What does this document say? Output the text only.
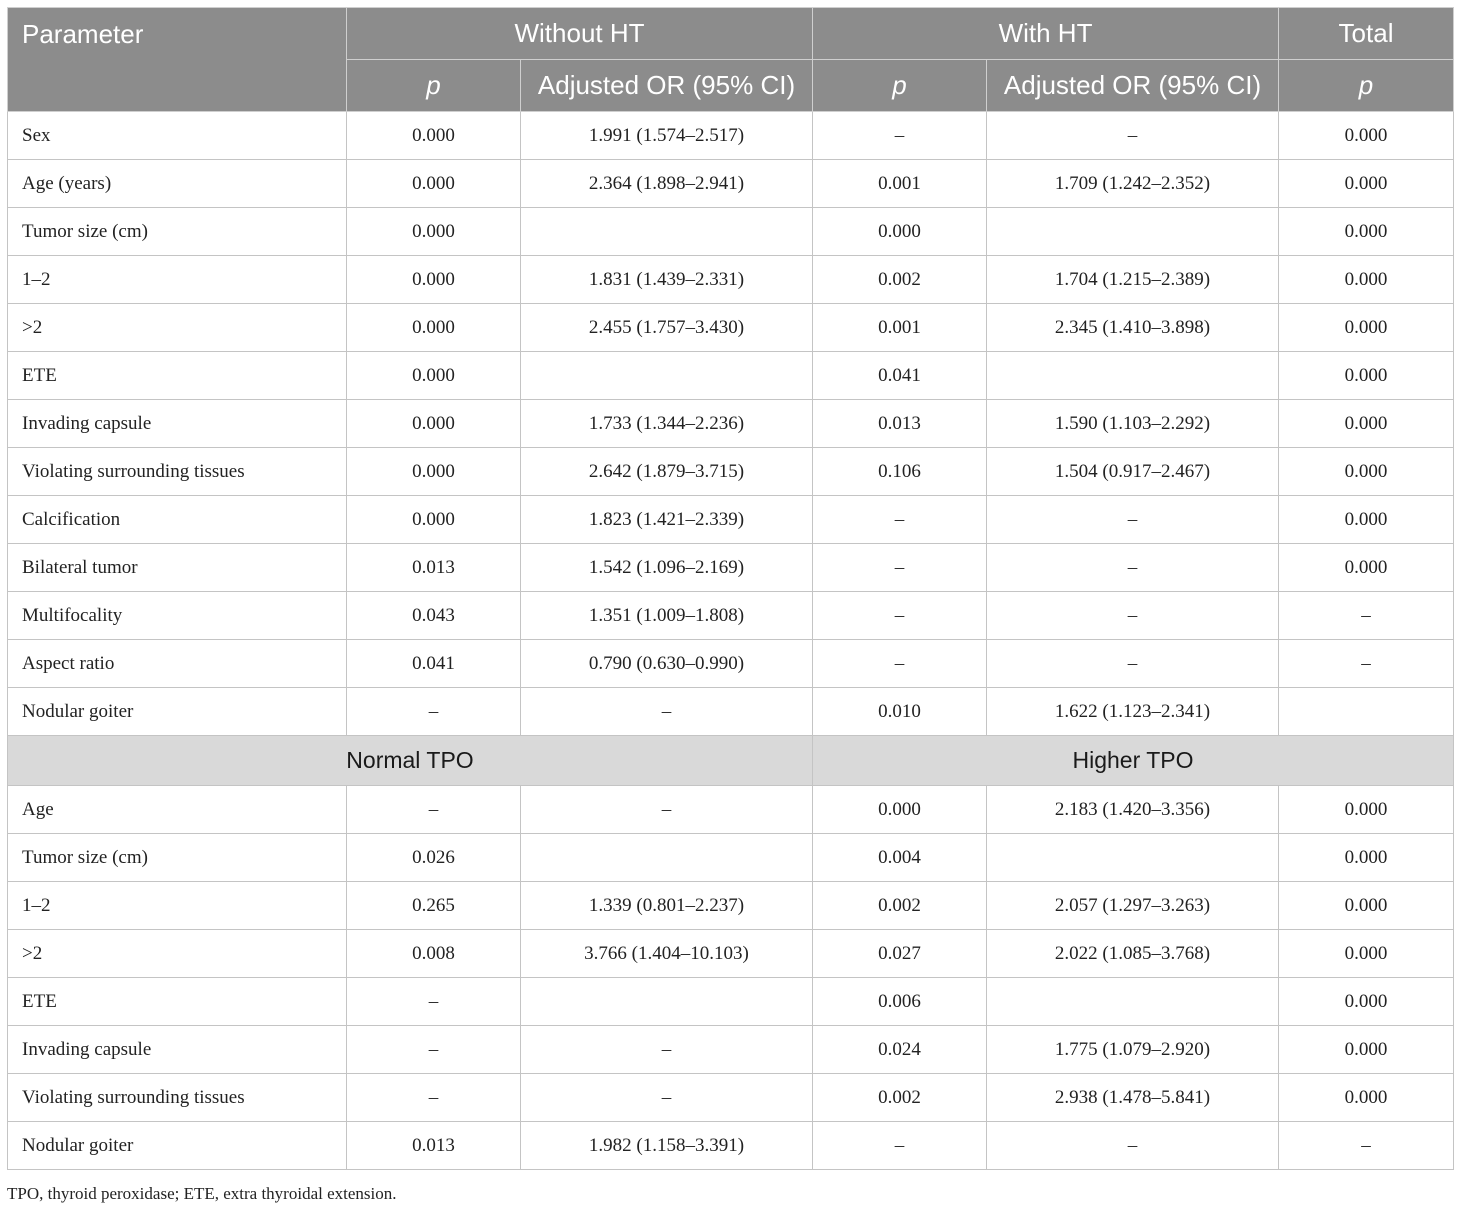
Parameter	Without HT		With HT		Total
	p	Adjusted OR (95% CI)	p	Adjusted OR (95% CI)	p
Sex	0.000	1.991 (1.574–2.517)	–	–	0.000
Age (years)	0.000	2.364 (1.898–2.941)	0.001	1.709 (1.242–2.352)	0.000
Tumor size (cm)	0.000		0.000		0.000
1–2	0.000	1.831 (1.439–2.331)	0.002	1.704 (1.215–2.389)	0.000
>2	0.000	2.455 (1.757–3.430)	0.001	2.345 (1.410–3.898)	0.000
ETE	0.000		0.041		0.000
Invading capsule	0.000	1.733 (1.344–2.236)	0.013	1.590 (1.103–2.292)	0.000
Violating surrounding tissues	0.000	2.642 (1.879–3.715)	0.106	1.504 (0.917–2.467)	0.000
Calcification	0.000	1.823 (1.421–2.339)	–	–	0.000
Bilateral tumor	0.013	1.542 (1.096–2.169)	–	–	0.000
Multifocality	0.043	1.351 (1.009–1.808)	–	–	–
Aspect ratio	0.041	0.790 (0.630–0.990)	–	–	–
Nodular goiter	–	–	0.010	1.622 (1.123–2.341)	
Normal TPO			Higher TPO		
Age	–	–	0.000	2.183 (1.420–3.356)	0.000
Tumor size (cm)	0.026		0.004		0.000
1–2	0.265	1.339 (0.801–2.237)	0.002	2.057 (1.297–3.263)	0.000
>2	0.008	3.766 (1.404–10.103)	0.027	2.022 (1.085–3.768)	0.000
ETE	–		0.006		0.000
Invading capsule	–	–	0.024	1.775 (1.079–2.920)	0.000
Violating surrounding tissues	–	–	0.002	2.938 (1.478–5.841)	0.000
Nodular goiter	0.013	1.982 (1.158–3.391)	–	–	–
TPO, thyroid peroxidase; ETE, extra thyroidal extension.
